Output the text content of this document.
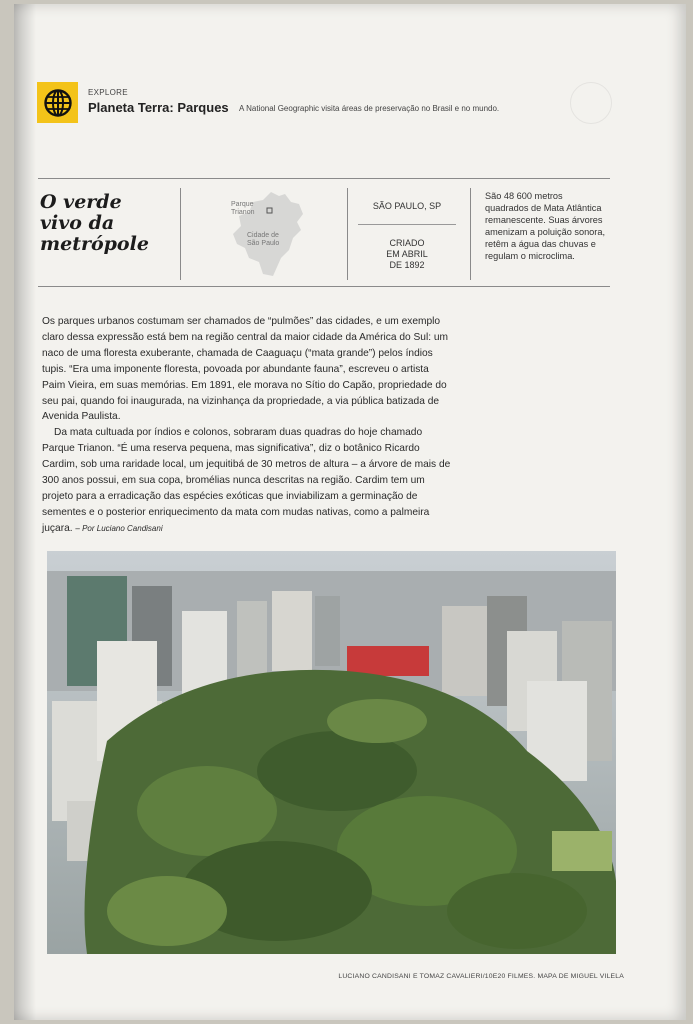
EXPLORE
Planeta Terra: Parques A National Geographic visita áreas de preservação no Brasil e no mundo.
O verde
vivo da
metrópole
Parque
Trianon
Cidade de
São Paulo
SÃO PAULO, SP
CRIADO
EM ABRIL
DE 1892
São 48 600 metros quadrados de Mata Atlântica remanescente. Suas árvores amenizam a poluição sonora, retêm a água das chuvas e regulam o microclima.

Os parques urbanos costumam ser chamados de “pulmões” das cidades, e um exemplo claro dessa expressão está bem na região central da maior cidade da América do Sul: um naco de uma floresta exuberante, chamada de Caaguaçu (“mata grande”) pelos índios tupis. “Era uma imponente floresta, povoada por abundante fauna”, escreveu o artista Paim Vieira, em suas memórias. Em 1891, ele morava no Sítio do Capão, propriedade do seu pai, quando foi inaugurada, na vizinhança da propriedade, a via pública batizada de Avenida Paulista.

Da mata cultuada por índios e colonos, sobraram duas quadras do hoje chamado Parque Trianon. “É uma reserva pequena, mas significativa”, diz o botânico Ricardo Cardim, sob uma raridade local, um jequitibá de 30 metros de altura – a árvore de mais de 300 anos possui, em sua copa, bromélias nunca descritas na região. Cardim tem um projeto para a erradicação das espécies exóticas que inviabilizam a germinação de sementes e o posterior enriquecimento da mata com mudas nativas, como a palmeira juçara. – Por Luciano Candisani

LUCIANO CANDISANI E TOMAZ CAVALIERI/10E20 FILMES. MAPA DE MIGUEL VILELA
